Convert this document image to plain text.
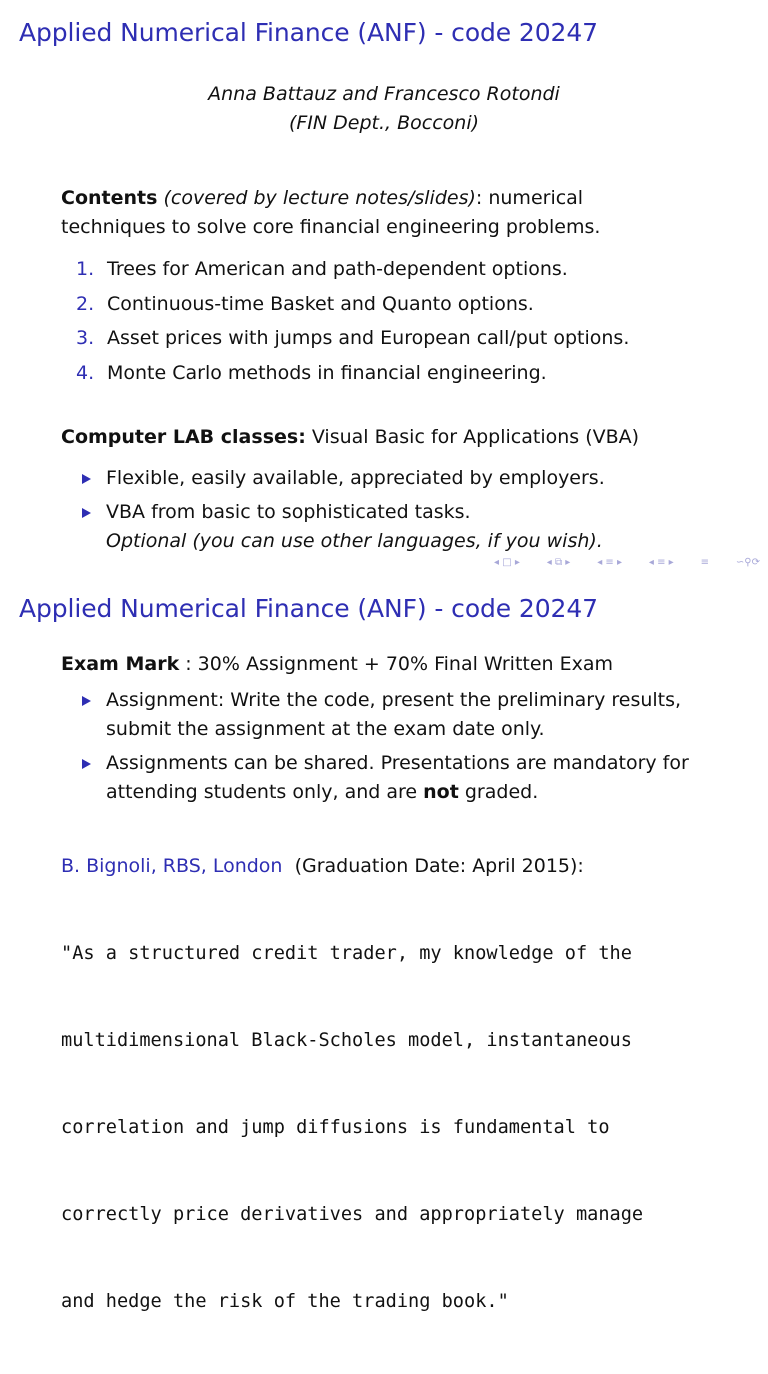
Applied Numerical Finance (ANF) - code 20247
Anna Battauz and Francesco Rotondi
(FIN Dept., Bocconi)
Contents (covered by lecture notes/slides): numerical
techniques to solve core financial engineering problems.
1. Trees for American and path-dependent options.
2. Continuous-time Basket and Quanto options.
3. Asset prices with jumps and European call/put options.
4. Monte Carlo methods in financial engineering.
Computer LAB classes: Visual Basic for Applications (VBA)
Flexible, easily available, appreciated by employers.
VBA from basic to sophisticated tasks.
Optional (you can use other languages, if you wish).
◂ □ ▸	◂ ⧉ ▸	◂ ≡ ▸	◂ ≡ ▸	≡	∽⚲⟳
Applied Numerical Finance (ANF) - code 20247
Exam Mark : 30% Assignment + 70% Final Written Exam
Assignment: Write the code, present the preliminary results,
submit the assignment at the exam date only.
Assignments can be shared. Presentations are mandatory for
attending students only, and are not graded.
B. Bignoli, RBS, London  (Graduation Date: April 2015):

"As a structured credit trader, my knowledge of the

multidimensional Black-Scholes model, instantaneous

correlation and jump diffusions is fundamental to

correctly price derivatives and appropriately manage

and hedge the risk of the trading book."
